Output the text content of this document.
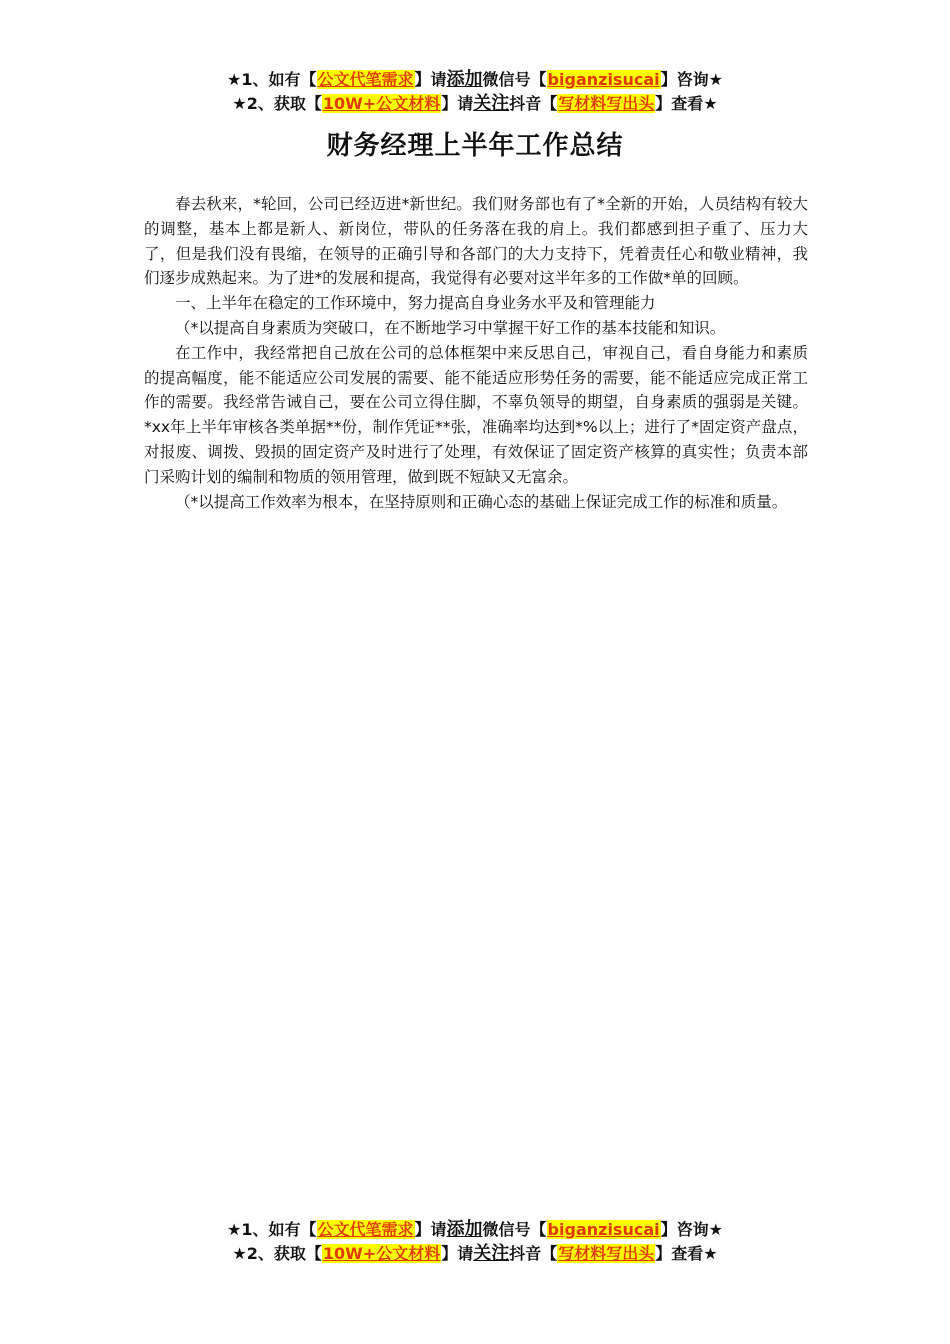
★1、如有【公文代笔需求】请添加微信号【biganzisucai】咨询★
★2、获取【10W+公文材料】请关注抖音【写材料写出头】查看★
财务经理上半年工作总结

春去秋来，*轮回，公司已经迈进*新世纪。我们财务部也有了*全新的开始，人员结构有较大的调整，基本上都是新人、新岗位，带队的任务落在我的肩上。我们都感到担子重了、压力大了，但是我们没有畏缩，在领导的正确引导和各部门的大力支持下，凭着责任心和敬业精神，我们逐步成熟起来。为了进*的发展和提高，我觉得有必要对这半年多的工作做*单的回顾。

一、上半年在稳定的工作环境中，努力提高自身业务水平及和管理能力

（*以提高自身素质为突破口，在不断地学习中掌握干好工作的基本技能和知识。

在工作中，我经常把自己放在公司的总体框架中来反思自己，审视自己，看自身能力和素质的提高幅度，能不能适应公司发展的需要、能不能适应形势任务的需要，能不能适应完成正常工作的需要。我经常告诫自己，要在公司立得住脚，不辜负领导的期望，自身素质的强弱是关键。*xx年上半年审核各类单据**份，制作凭证**张，准确率均达到*%以上；进行了*固定资产盘点，对报废、调拨、毁损的固定资产及时进行了处理，有效保证了固定资产核算的真实性；负责本部门采购计划的编制和物质的领用管理，做到既不短缺又无富余。

（*以提高工作效率为根本，在坚持原则和正确心态的基础上保证完成工作的标准和质量。

★1、如有【公文代笔需求】请添加微信号【biganzisucai】咨询★
★2、获取【10W+公文材料】请关注抖音【写材料写出头】查看★
